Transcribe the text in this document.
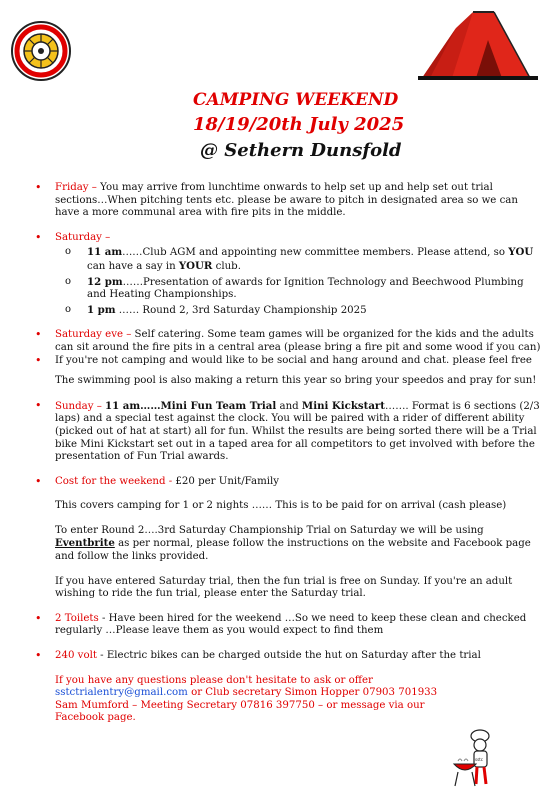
CAMPING WEEKEND
18/19/20th July 2025
@ Sethern Dunsfold

• Friday – You may arrive from lunchtime onwards to help set up and help set out trial sections…When pitching tents etc. please be aware to pitch in designated area so we can have a more communal area with fire pits in the middle.

• Saturday –

o 11 am……Club AGM and appointing new committee members. Please attend, so YOU can have a say in YOUR club.

o 12 pm……Presentation of awards for Ignition Technology and Beechwood Plumbing and Heating Championships.

o 1 pm …… Round 2, 3rd Saturday Championship 2025

• Saturday eve – Self catering. Some team games will be organized for the kids and the adults can sit around the fire pits in a central area (please bring a fire pit and some wood if you can)

• If you're not camping and would like to be social and hang around and chat. please feel free

The swimming pool is also making a return this year so bring your speedos and pray for sun!

• Sunday – 11 am……Mini Fun Team Trial and Mini Kickstart……. Format is 6 sections (2/3 laps) and a special test against the clock. You will be paired with a rider of different ability (picked out of hat at start) all for fun. Whilst the results are being sorted there will be a Trial bike Mini Kickstart set out in a taped area for all competitors to get involved with before the presentation of Fun Trial awards.

• Cost for the weekend - £20 per Unit/Family

This covers camping for 1 or 2 nights …… This is to be paid for on arrival (cash please)

To enter Round 2….3rd Saturday Championship Trial on Saturday we will be using Eventbrite as per normal, please follow the instructions on the website and Facebook page and follow the links provided.

If you have entered Saturday trial, then the fun trial is free on Sunday. If you're an adult wishing to ride the fun trial, please enter the Saturday trial.

• 2 Toilets - Have been hired for the weekend …So we need to keep these clean and checked regularly …Please leave them as you would expect to find them

• 240 volt - Electric bikes can be charged outside the hut on Saturday after the trial

If you have any questions please don't hesitate to ask or offer
sstctrialentry@gmail.com or Club secretary Simon Hopper 07903 701933
Sam Mumford – Meeting Secretary 07816 397750 – or message via our
Facebook page.
sstc
